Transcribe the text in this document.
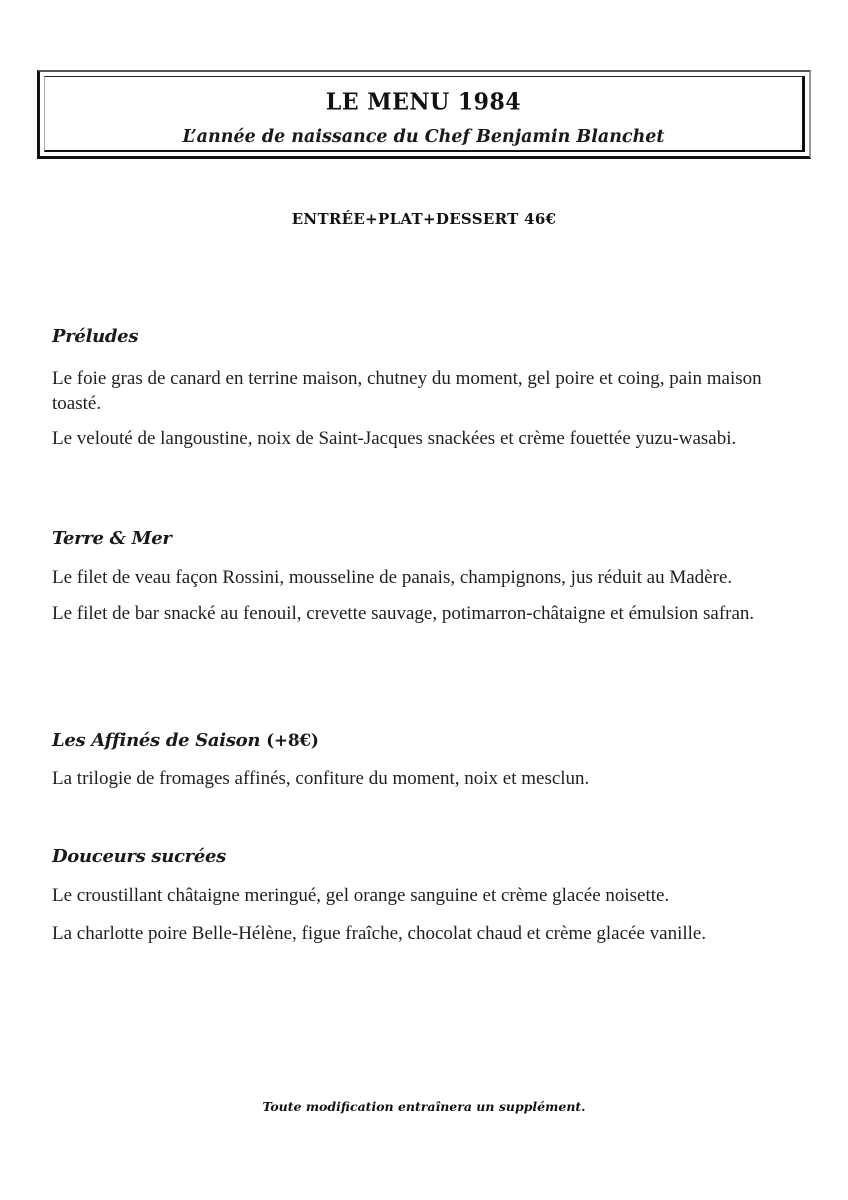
LE MENU 1984
L’année de naissance du Chef Benjamin Blanchet
ENTRÉE+PLAT+DESSERT 46€
Préludes

Le foie gras de canard en terrine maison, chutney du moment, gel poire et coing, pain maison toasté.

Le velouté de langoustine, noix de Saint-Jacques snackées et crème fouettée yuzu-wasabi.

Terre & Mer

Le filet de veau façon Rossini, mousseline de panais, champignons, jus réduit au Madère.

Le filet de bar snacké au fenouil, crevette sauvage, potimarron-châtaigne et émulsion safran.

Les Affinés de Saison (+8€)

La trilogie de fromages affinés, confiture du moment, noix et mesclun.

Douceurs sucrées

Le croustillant châtaigne meringué, gel orange sanguine et crème glacée noisette.

La charlotte poire Belle-Hélène, figue fraîche, chocolat chaud et crème glacée vanille.

Toute modification entraînera un supplément.
